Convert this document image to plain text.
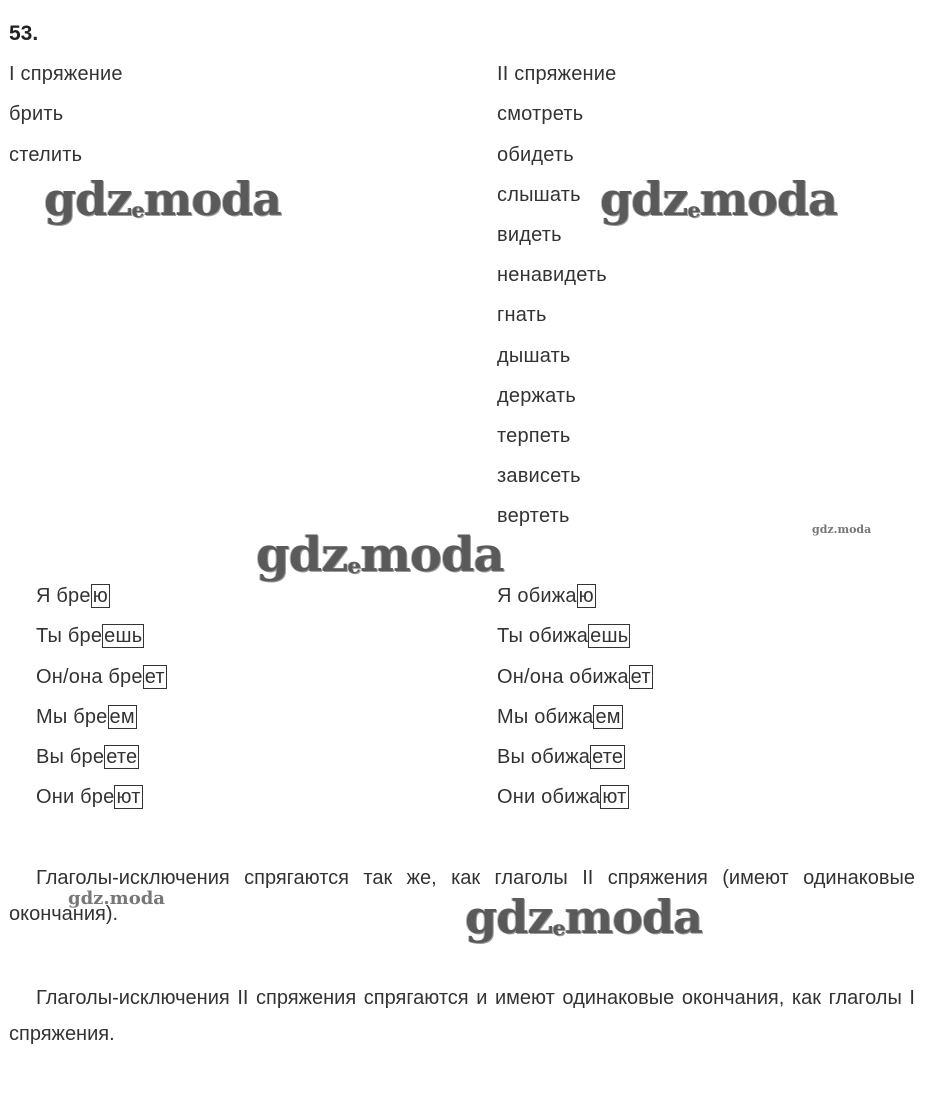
53.
I спряжение
брить
стелить
II спряжение
смотреть
обидеть
слышать
видеть
ненавидеть
гнать
дышать
держать
терпеть
зависеть
вертеть
Я бре ю
Ты бре ешь
Он/она бре ет
Мы бре ем
Вы бре ете
Они бре ют
Я обижа ю
Ты обижа ешь
Он/она обижа ет
Мы обижа ем
Вы обижа ете
Они обижа ют
Глаголы-исключения спрягаются так же, как глаголы II спряжения (имеют одинаковые окончания).
Глаголы-исключения II спряжения спрягаются и имеют одинаковые окончания, как глаголы I спряжения.
gdzemoda	gdzemoda
gdzemoda
gdzemoda
gdz.moda
gdz.moda
